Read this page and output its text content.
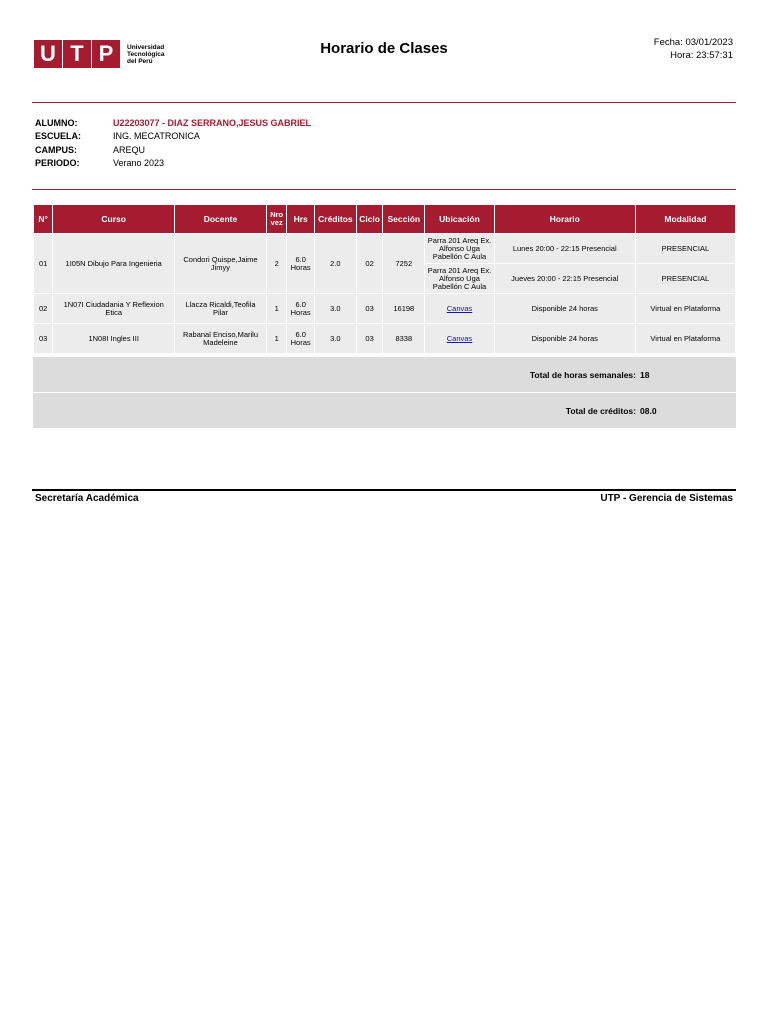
U T P	Universidad
Tecnológica
del Perú
Horario de Clases	Fecha: 03/01/2023
Hora: 23:57:31
ALUMNO:	U22203077 - DIAZ SERRANO,JESUS GABRIEL
ESCUELA:	ING. MECATRONICA
CAMPUS:	AREQU
PERIODO:	Verano 2023
N°	Curso	Docente	Nro vez	Hrs	Créditos	Ciclo	Sección	Ubicación	Horario	Modalidad
01	1I05N Dibujo Para Ingenieria	Condori Quispe,Jaime Jimyy	2	6.0 Horas	2.0	02	7252	Parra 201 Areq Ex. Alfonso Uga Pabellón C Aula	Lunes 20:00 - 22:15 Presencial	PRESENCIAL
								Parra 201 Areq Ex. Alfonso Uga Pabellón C Aula	Jueves 20:00 - 22:15 Presencial	PRESENCIAL
02	1N07I Ciudadania Y Reflexion Etica	Llacza Ricaldi,Teofila Pilar	1	6.0 Horas	3.0	03	16198	Canvas	Disponible 24 horas	Virtual en Plataforma
03	1N08I Ingles III	Rabanal Enciso,Marilu Madeleine	1	6.0 Horas	3.0	03	8338	Canvas	Disponible 24 horas	Virtual en Plataforma
Total de horas semanales: 18
Total de créditos: 08.0
Secretaría Académica	UTP - Gerencia de Sistemas
